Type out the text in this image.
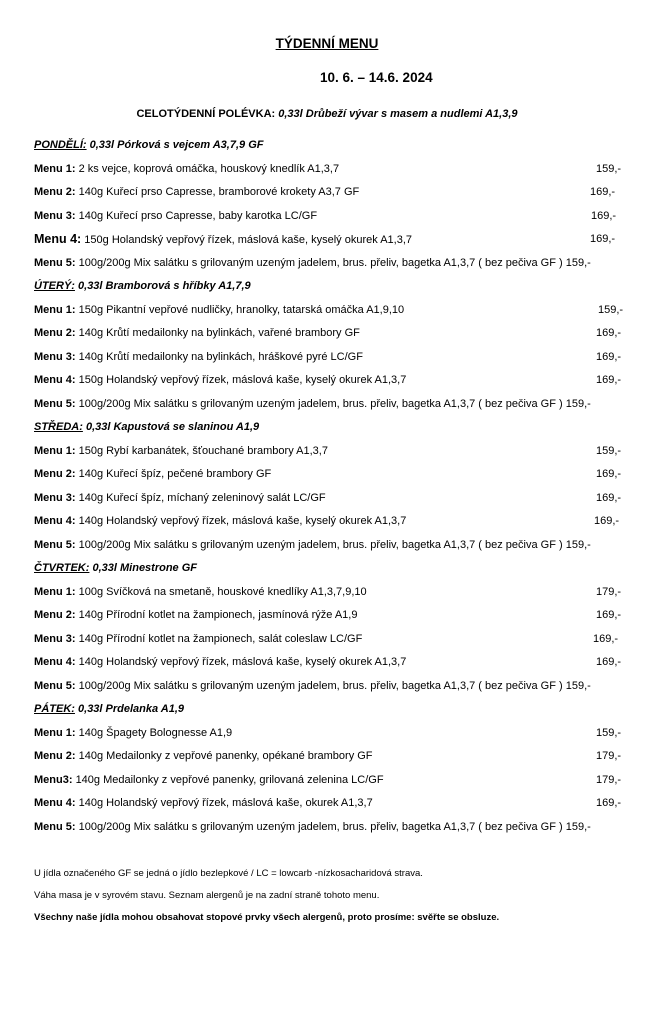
TÝDENNÍ MENU
10. 6. – 14.6. 2024
CELOTÝDENNÍ POLÉVKA: 0,33l Drůbeží vývar s masem a nudlemi A1,3,9
PONDĚLÍ: 0,33l Pórková s vejcem A3,7,9 GF
Menu 1: 2 ks vejce, koprová omáčka, houskový knedlík A1,3,7	159,-
Menu 2: 140g Kuřecí prso Capresse, bramborové krokety A3,7 GF	169,-
Menu 3: 140g Kuřecí prso Capresse, baby karotka LC/GF	169,-
Menu 4: 150g Holandský vepřový řízek, máslová kaše, kyselý okurek A1,3,7	169,-
Menu 5: 100g/200g Mix salátku s grilovaným uzeným jadelem, brus. přeliv, bagetka A1,3,7 ( bez pečiva GF ) 159,-
ÚTERÝ: 0,33l Bramborová s hříbky A1,7,9
Menu 1: 150g Pikantní vepřové nudličky, hranolky, tatarská omáčka A1,9,10	159,-
Menu 2: 140g Krůtí medailonky na bylinkách, vařené brambory GF	169,-
Menu 3: 140g Krůtí medailonky na bylinkách, hráškové pyré LC/GF	169,-
Menu 4: 150g Holandský vepřový řízek, máslová kaše, kyselý okurek A1,3,7	169,-
Menu 5: 100g/200g Mix salátku s grilovaným uzeným jadelem, brus. přeliv, bagetka A1,3,7 ( bez pečiva GF ) 159,-
STŘEDA: 0,33l Kapustová se slaninou A1,9
Menu 1: 150g Rybí karbanátek, šťouchané brambory A1,3,7	159,-
Menu 2: 140g Kuřecí špíz, pečené brambory GF	169,-
Menu 3: 140g Kuřecí špíz, míchaný zeleninový salát LC/GF	169,-
Menu 4: 140g Holandský vepřový řízek, máslová kaše, kyselý okurek A1,3,7	169,-
Menu 5: 100g/200g Mix salátku s grilovaným uzeným jadelem, brus. přeliv, bagetka A1,3,7 ( bez pečiva GF ) 159,-
ČTVRTEK: 0,33l Minestrone GF
Menu 1: 100g Svíčková na smetaně, houskové knedlíky A1,3,7,9,10	179,-
Menu 2: 140g Přírodní kotlet na žampionech, jasmínová rýže A1,9	169,-
Menu 3: 140g Přírodní kotlet na žampionech, salát coleslaw LC/GF	169,-
Menu 4: 140g Holandský vepřový řízek, máslová kaše, kyselý okurek A1,3,7	169,-
Menu 5: 100g/200g Mix salátku s grilovaným uzeným jadelem, brus. přeliv, bagetka A1,3,7 ( bez pečiva GF ) 159,-
PÁTEK: 0,33l Prdelanka A1,9
Menu 1: 140g Špagety Bolognesse A1,9	159,-
Menu 2: 140g Medailonky z vepřové panenky, opékané brambory GF	179,-
Menu3: 140g Medailonky z vepřové panenky, grilovaná zelenina LC/GF	179,-
Menu 4: 140g Holandský vepřový řízek, máslová kaše, okurek A1,3,7	169,-
Menu 5: 100g/200g Mix salátku s grilovaným uzeným jadelem, brus. přeliv, bagetka A1,3,7 ( bez pečiva GF ) 159,-
U jídla označeného GF se jedná o jídlo bezlepkové / LC = lowcarb -nízkosacharidová strava.
Váha masa je v syrovém stavu. Seznam alergenů je na zadní straně tohoto menu.
Všechny naše jídla mohou obsahovat stopové prvky všech alergenů, proto prosíme: svěřte se obsluze.
